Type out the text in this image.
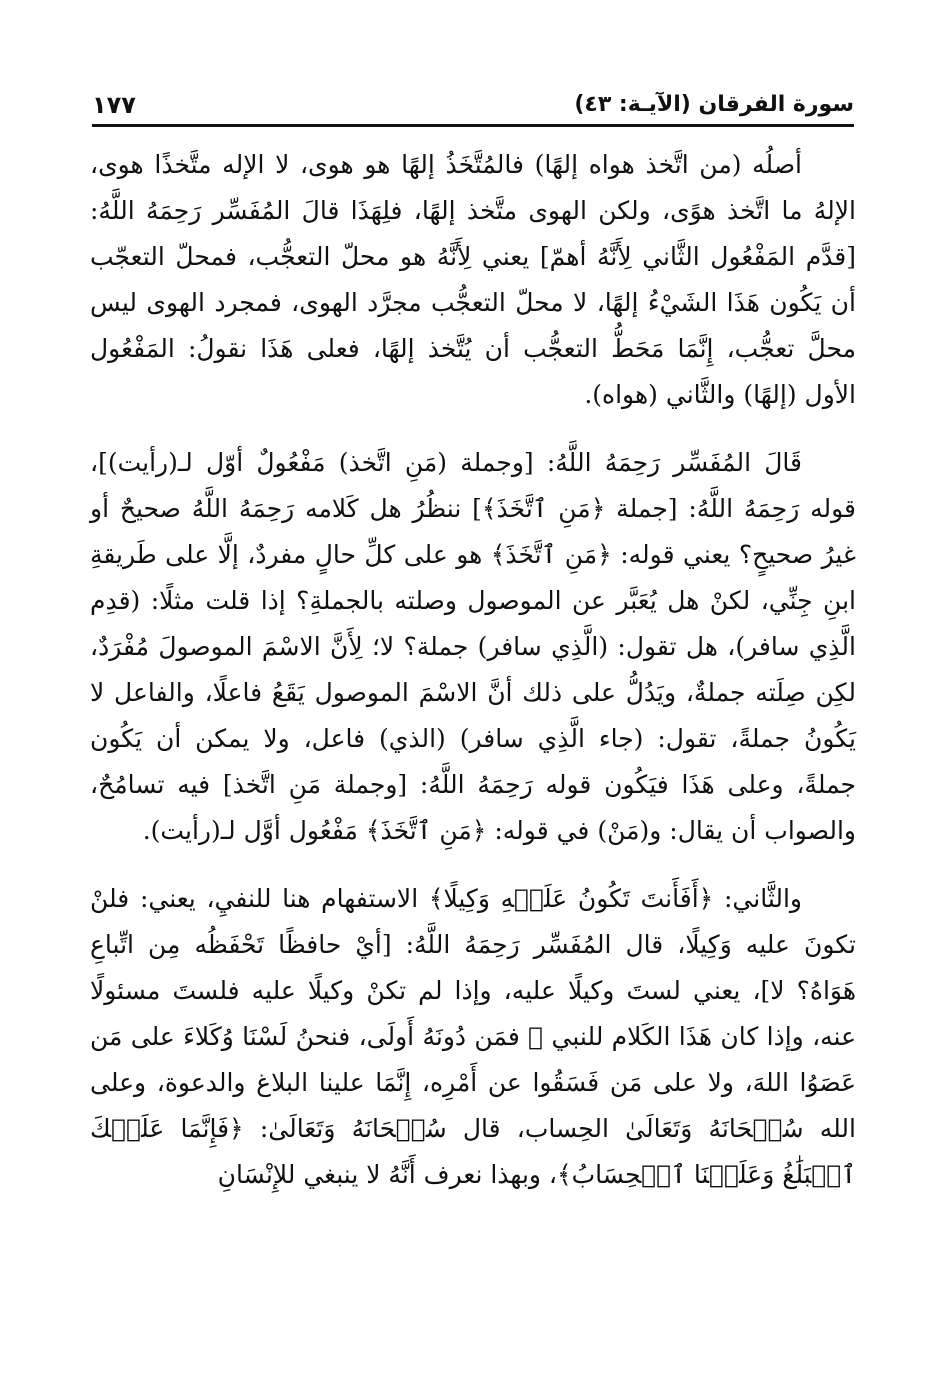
سورة الفرقان (الآيـة: ٤٣)
١٧٧

أصلُه (من اتَّخذ هواه إلهًا) فالمُتَّخَذُ إلهًا هو هوى، لا الإله متَّخذًا هوى، الإلهُ ما اتَّخذ هوًى، ولكن الهوى متَّخذ إلهًا، فلِهَذَا قالَ المُفَسِّر رَحِمَهُ اللَّهُ: [قدَّم المَفْعُول الثَّاني لِأَنَّهُ أهمّ] يعني لِأَنَّهُ هو محلّ التعجُّب، فمحلّ التعجّب أن يَكُون هَذَا الشَيْءُ إلهًا، لا محلّ التعجُّب مجرَّد الهوى، فمجرد الهوى ليس محلَّ تعجُّب، إِنَّمَا مَحَطُّ التعجُّب أن يُتَّخذ إلهًا، فعلى هَذَا نقولُ: المَفْعُول الأول (إلهًا) والثَّاني (هواه).

قَالَ المُفَسِّر رَحِمَهُ اللَّهُ: [وجملة (مَنِ اتَّخذ) مَفْعُولٌ أوّل لـ(رأيت)]، قوله رَحِمَهُ اللَّهُ: [جملة ﴿مَنِ ٱتَّخَذَ﴾] ننظُرُ هل كَلامه رَحِمَهُ اللَّهُ صحيحٌ أو غيرُ صحيحٍ؟ يعني قوله: ﴿مَنِ ٱتَّخَذَ﴾ هو على كلِّ حالٍ مفردٌ، إلَّا على طَريقةِ ابنِ جِنِّي، لكنْ هل يُعَبَّر عن الموصول وصلته بالجملةِ؟ إذا قلت مثلًا: (قدِم الَّذِي سافر)، هل تقول: (الَّذِي سافر) جملة؟ لا؛ لِأَنَّ الاسْمَ الموصولَ مُفْرَدٌ، لكِن صِلَته جملةٌ، ويَدُلُّ على ذلك أنَّ الاسْمَ الموصول يَقَعُ فاعلًا، والفاعل لا يَكُونُ جملةً، تقول: (جاء الَّذِي سافر) (الذي) فاعل، ولا يمكن أن يَكُون جملةً، وعلى هَذَا فيَكُون قوله رَحِمَهُ اللَّهُ: [وجملة مَنِ اتَّخذ] فيه تسامُحٌ، والصواب أن يقال: و(مَنْ) في قوله: ﴿مَنِ ٱتَّخَذَ﴾ مَفْعُول أوَّل لـ(رأيت).

والثَّاني: ﴿أَفَأَنتَ تَكُونُ عَلَيۡهِ وَكِيلًا﴾ الاستفهام هنا للنفيِ، يعني: فلنْ تكونَ عليه وَكِيلًا، قال المُفَسِّر رَحِمَهُ اللَّهُ: [أيْ حافظًا تَحْفَظُه مِن اتِّباعِ هَوَاهُ؟ لا]، يعني لستَ وكيلًا عليه، وإذا لم تكنْ وكيلًا عليه فلستَ مسئولًا عنه، وإذا كان هَذَا الكَلام للنبي ﷺ فمَن دُونَهُ أَولَى، فنحنُ لَسْنَا وُكَلاءَ على مَن عَصَوُا اللهَ، ولا على مَن فَسَقُوا عن أَمْرِه، إِنَّمَا علينا البلاغ والدعوة، وعلى الله سُبۡحَانَهُ وَتَعَالَىٰ الحِساب، قال سُبۡحَانَهُ وَتَعَالَىٰ: ﴿فَإِنَّمَا عَلَيۡكَ ٱلۡبَلَٰغُ وَعَلَيۡنَا ٱلۡحِسَابُ﴾، وبهذا نعرف أَنَّهُ لا ينبغي للإِنْسَانِ
